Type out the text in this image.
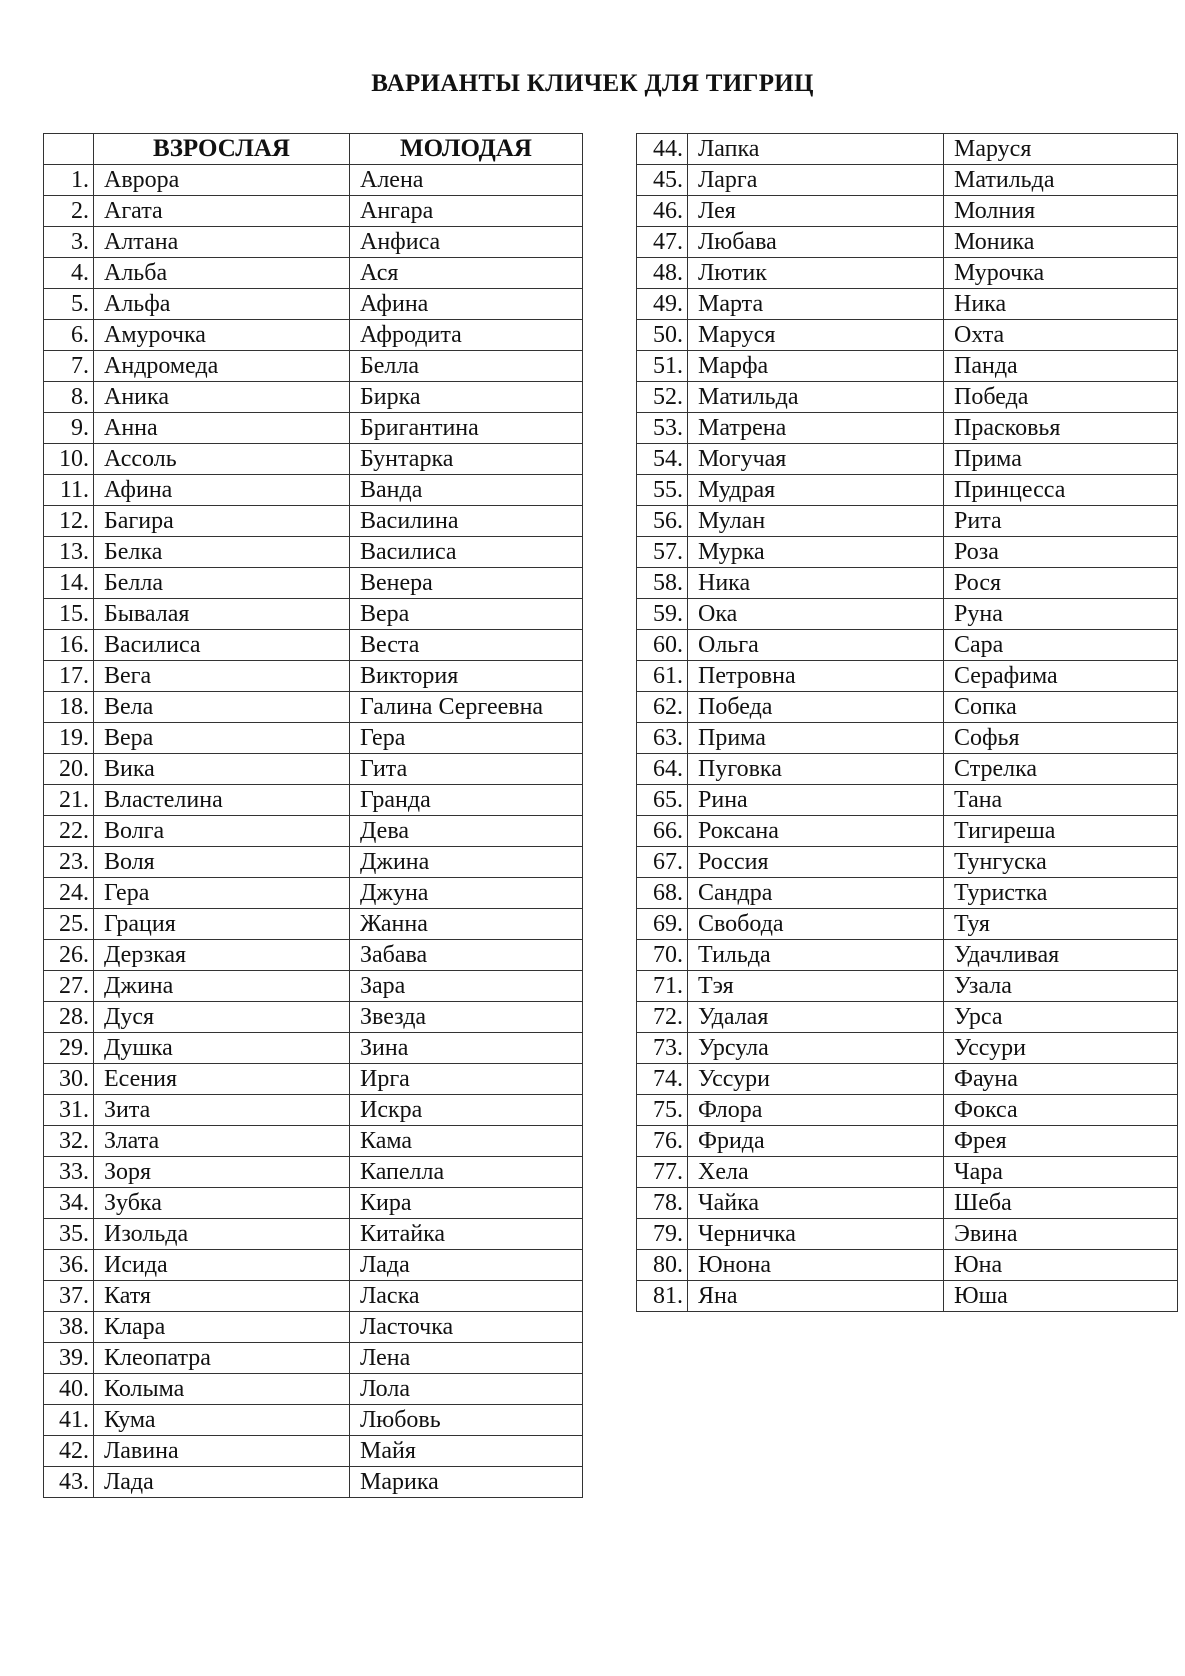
ВАРИАНТЫ КЛИЧЕК ДЛЯ ТИГРИЦ
	ВЗРОСЛАЯ	МОЛОДАЯ
1.	Аврора	Алена
2.	Агата	Ангара
3.	Алтана	Анфиса
4.	Альба	Ася
5.	Альфа	Афина
6.	Амурочка	Афродита
7.	Андромеда	Белла
8.	Аника	Бирка
9.	Анна	Бригантина
10.	Ассоль	Бунтарка
11.	Афина	Ванда
12.	Багира	Василина
13.	Белка	Василиса
14.	Белла	Венера
15.	Бывалая	Вера
16.	Василиса	Веста
17.	Вега	Виктория
18.	Вела	Галина Сергеевна
19.	Вера	Гера
20.	Вика	Гита
21.	Властелина	Гранда
22.	Волга	Дева
23.	Воля	Джина
24.	Гера	Джуна
25.	Грация	Жанна
26.	Дерзкая	Забава
27.	Джина	Зара
28.	Дуся	Звезда
29.	Душка	Зина
30.	Есения	Ирга
31.	Зита	Искра
32.	Злата	Кама
33.	Зоря	Капелла
34.	Зубка	Кира
35.	Изольда	Китайка
36.	Исида	Лада
37.	Катя	Ласка
38.	Клара	Ласточка
39.	Клеопатра	Лена
40.	Колыма	Лола
41.	Кума	Любовь
42.	Лавина	Майя
43.	Лада	Марика
44.	Лапка	Маруся
45.	Ларга	Матильда
46.	Лея	Молния
47.	Любава	Моника
48.	Лютик	Мурочка
49.	Марта	Ника
50.	Маруся	Охта
51.	Марфа	Панда
52.	Матильда	Победа
53.	Матрена	Прасковья
54.	Могучая	Прима
55.	Мудрая	Принцесса
56.	Мулан	Рита
57.	Мурка	Роза
58.	Ника	Рося
59.	Ока	Руна
60.	Ольга	Сара
61.	Петровна	Серафима
62.	Победа	Сопка
63.	Прима	Софья
64.	Пуговка	Стрелка
65.	Рина	Тана
66.	Роксана	Тигиреша
67.	Россия	Тунгуска
68.	Сандра	Туристка
69.	Свобода	Туя
70.	Тильда	Удачливая
71.	Тэя	Узала
72.	Удалая	Урса
73.	Урсула	Уссури
74.	Уссури	Фауна
75.	Флора	Фокса
76.	Фрида	Фрея
77.	Хела	Чара
78.	Чайка	Шеба
79.	Черничка	Эвина
80.	Юнона	Юна
81.	Яна	Юша
